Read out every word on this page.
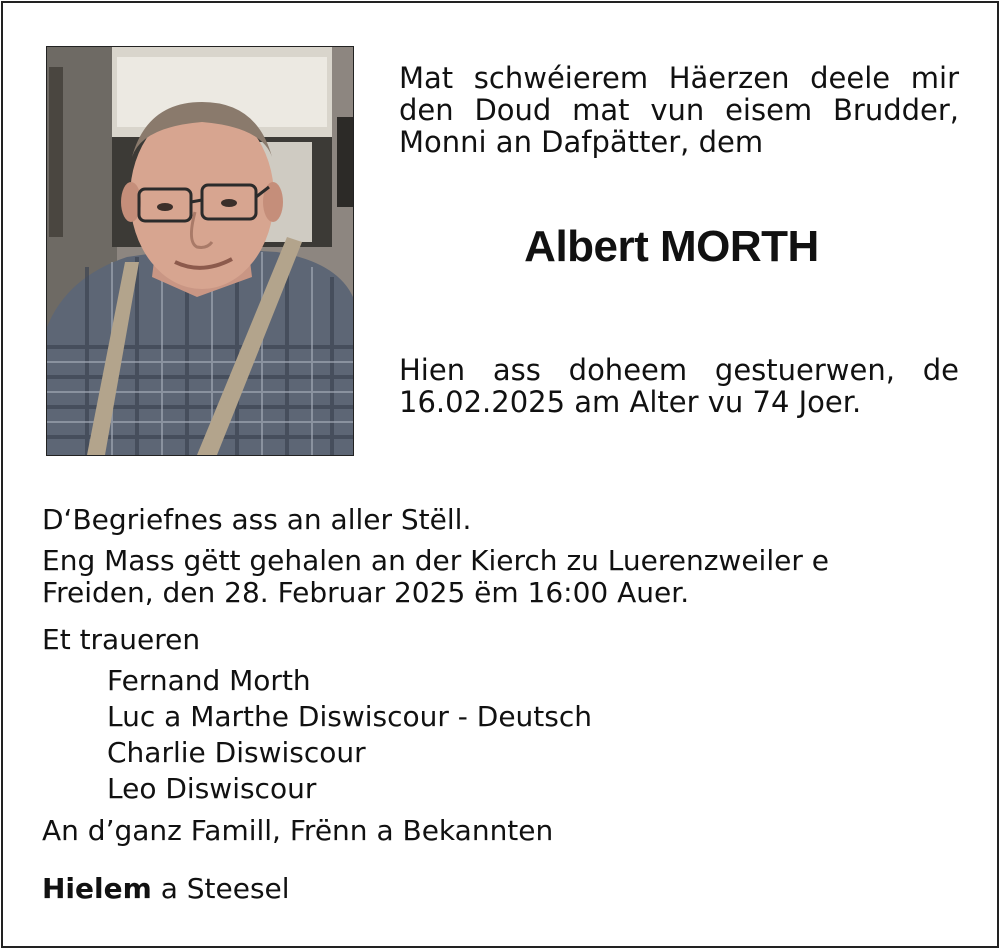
Mat schwéierem Häerzen deele mir
den Doud mat vun eisem Brudder,
Monni an Dafpätter, dem
Albert MORTH
Hien ass doheem gestuerwen, de
16.02.2025 am Alter vu 74 Joer.
D‘Begriefnes ass an aller Stëll.
Eng Mass gëtt gehalen an der Kierch zu Luerenzweiler e
Freiden, den 28. Februar 2025 ëm 16:00 Auer.
Et traueren
Fernand Morth
Luc a Marthe Diswiscour - Deutsch
Charlie Diswiscour
Leo Diswiscour
An d’ganz Famill, Frënn a Bekannten
Hielem a Steesel
